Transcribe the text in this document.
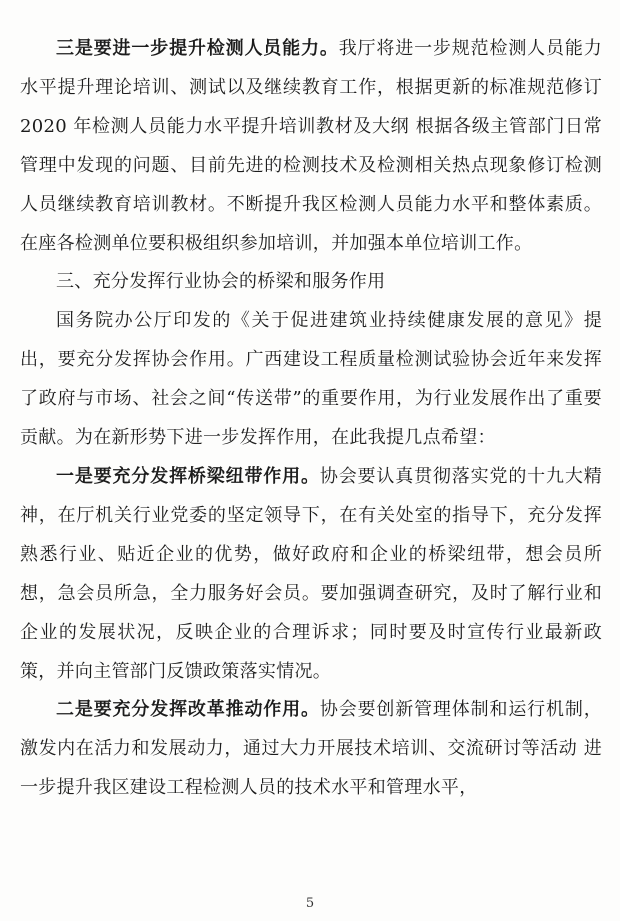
三是要进一步提升检测人员能力。我厅将进一步规范检测人员能力水平提升理论培训、测试以及继续教育工作，根据更新的标准规范修订 2020 年检测人员能力水平提升培训教材及大纲 根据各级主管部门日常管理中发现的问题、目前先进的检测技术及检测相关热点现象修订检测人员继续教育培训教材。不断提升我区检测人员能力水平和整体素质。在座各检测单位要积极组织参加培训，并加强本单位培训工作。

三、充分发挥行业协会的桥梁和服务作用

国务院办公厅印发的《关于促进建筑业持续健康发展的意见》提出，要充分发挥协会作用。广西建设工程质量检测试验协会近年来发挥了政府与市场、社会之间“传送带”的重要作用，为行业发展作出了重要贡献。为在新形势下进一步发挥作用，在此我提几点希望：

一是要充分发挥桥梁纽带作用。协会要认真贯彻落实党的十九大精神，在厅机关行业党委的坚定领导下，在有关处室的指导下，充分发挥熟悉行业、贴近企业的优势，做好政府和企业的桥梁纽带，想会员所想，急会员所急，全力服务好会员。要加强调查研究，及时了解行业和企业的发展状况，反映企业的合理诉求；同时要及时宣传行业最新政策，并向主管部门反馈政策落实情况。

二是要充分发挥改革推动作用。协会要创新管理体制和运行机制，激发内在活力和发展动力，通过大力开展技术培训、交流研讨等活动 进一步提升我区建设工程检测人员的技术水平和管理水平，

5
